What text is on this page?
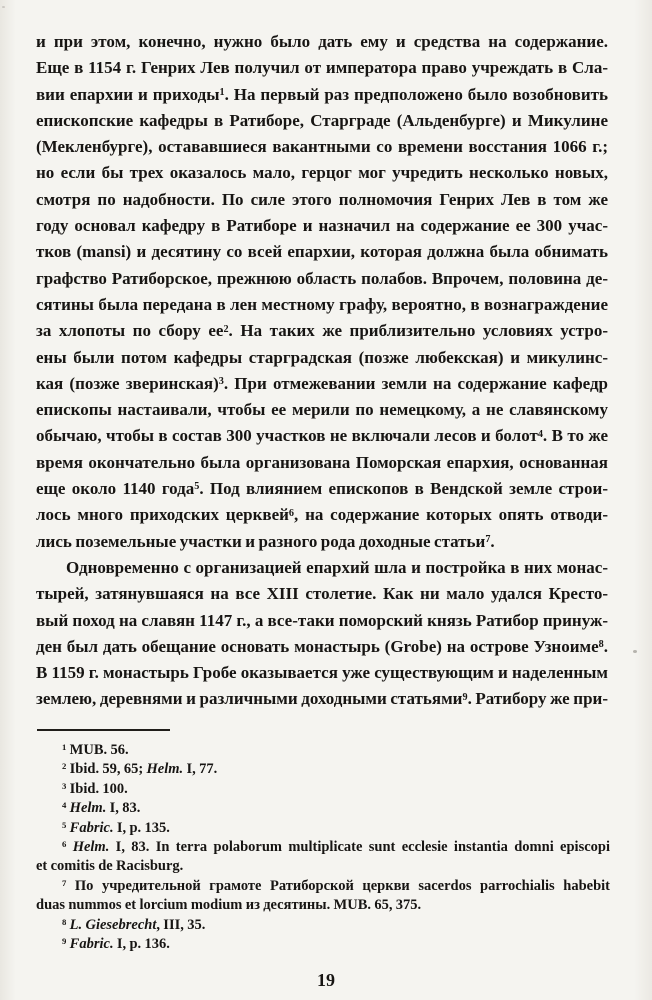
и при этом, конечно, нужно было дать ему и средства на содержание.
Еще в 1154 г. Генрих Лев получил от императора право учреждать в Сла-
вии епархии и приходы$^1$. На первый раз предположено было возобновить
епископские кафедры в Ратиборе, Старграде (Альденбурге) и Микулине
(Мекленбурге), остававшиеся вакантными со времени восстания 1066 г.;
но если бы трех оказалось мало, герцог мог учредить несколько новых,
смотря по надобности. По силе этого полномочия Генрих Лев в том же
году основал кафедру в Ратиборе и назначил на содержание ее 300 учас-
тков (mansi) и десятину со всей епархии, которая должна была обнимать
графство Ратиборское, прежнюю область полабов. Впрочем, половина де-
сятины была передана в лен местному графу, вероятно, в вознаграждение
за хлопоты по сбору $ее^2$. На таких же приблизительно условиях устро-
ены были потом кафедры старградская (позже любекская) и микулинс-
кая (позже зверинская)$^3$. При отмежевании земли на содержание кафедр
епископы настаивали, чтобы ее мерили по немецкому, а не славянскому
обычаю, чтобы в состав 300 участков не включали лесов и болот$^4$. В то же
время окончательно была организована Поморская епархия, основанная
еще около 1140 года$^5$. Под влиянием епископов в Вендской земле строи-
лось много приходских церквей$^6$, на содержание которых опять отводи-
лись поземельные участки и разного рода доходные статьи$^7$.
Одновременно с организацией епархий шла и постройка в них монас-
тырей, затянувшаяся на все XIII столетие. Как ни мало удался Кресто-
вый поход на славян 1147 г., а все-таки поморский князь Ратибор принуж-
ден был дать обещание основать монастырь (Grobe) на острове Узноиме$^8$.
В 1159 г. монастырь Гробе оказывается уже существующим и наделенным
землею, деревнями и различными доходными статьями$^9$. Ратибору же при-
$^1$ MUB. 56.
$^2$ Ibid. 59, 65; Helm. I, 77.
$^3$ Ibid. 100.
$^4$ Helm. I, 83.
$^5$ Fabric. I, p. 135.
$^6$ Helm. I, 83. In terra polaborum multiplicate sunt ecclesie instantia domni episcopi
et comitis de Racisburg.
$^7$ По учредительной грамоте Ратиборской церкви sacerdos parrochialis habebit
duas nummos et lorcium modium из десятины. MUB. 65, 375.
$^8$ L. Giesebrecht, III, 35.
$^9$ Fabric. I, p. 136.
19
